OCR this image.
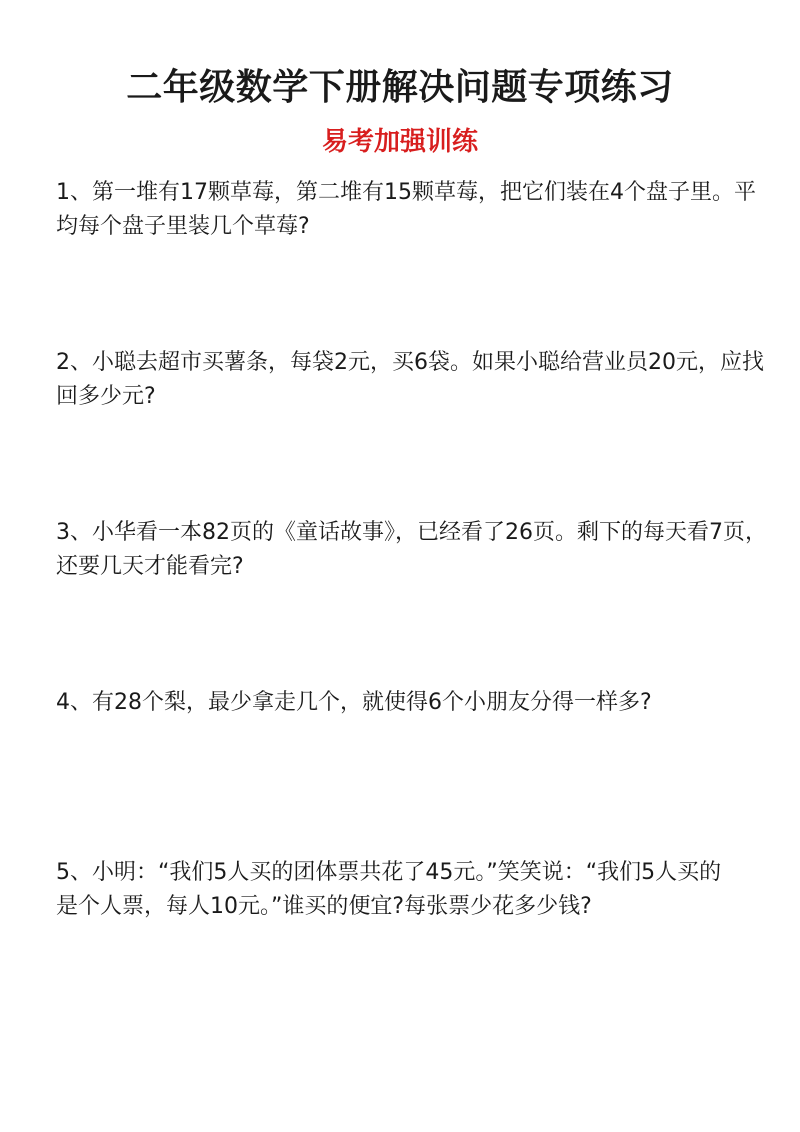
二年级数学下册解决问题专项练习
易考加强训练

1、第一堆有17颗草莓，第二堆有15颗草莓，把它们装在4个盘子里。平均每个盘子里装几个草莓?

2、小聪去超市买薯条，每袋2元，买6袋。如果小聪给营业员20元，应找回多少元?

3、小华看一本82页的《童话故事》，已经看了26页。剩下的每天看7页，还要几天才能看完?

4、有28个梨，最少拿走几个，就使得6个小朋友分得一样多?

5、小明：“我们5人买的团体票共花了45元。”笑笑说：“我们5人买的是个人票，每人10元。”谁买的便宜?每张票少花多少钱?
